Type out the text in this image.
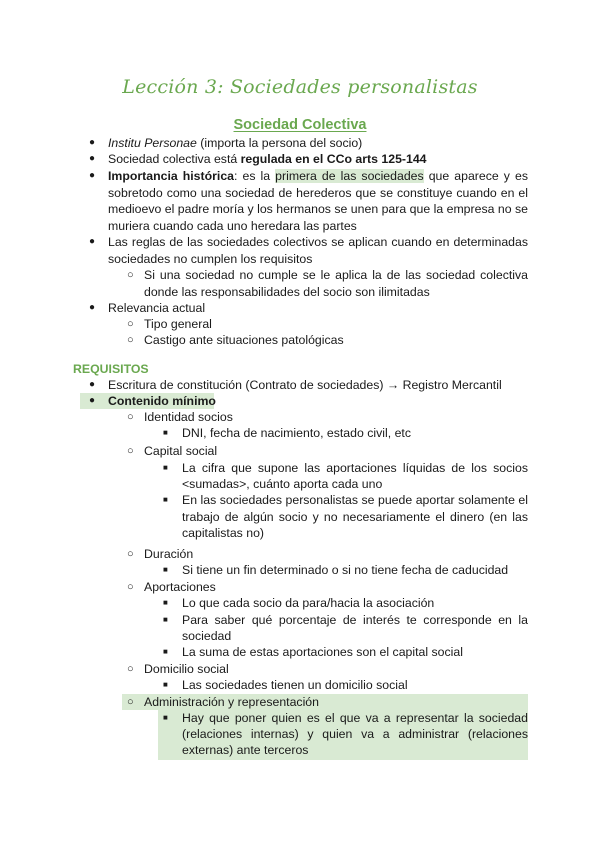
Lección 3: Sociedades personalistas
Sociedad Colectiva
● Institu Personae (importa la persona del socio)
● Sociedad colectiva está regulada en el CCo arts 125-144
● Importancia histórica: es la primera de las sociedades que aparece y es sobretodo como una sociedad de herederos que se constituye cuando en el medioevo el padre moría y los hermanos se unen para que la empresa no se muriera cuando cada uno heredara las partes
● Las reglas de las sociedades colectivos se aplican cuando en determinadas sociedades no cumplen los requisitos
○ Si una sociedad no cumple se le aplica la de las sociedad colectiva donde las responsabilidades del socio son ilimitadas
● Relevancia actual
○ Tipo general
○ Castigo ante situaciones patológicas
REQUISITOS
● Escritura de constitución (Contrato de sociedades) → Registro Mercantil
● Contenido mínimo
○ Identidad socios
■ DNI, fecha de nacimiento, estado civil, etc
○ Capital social
■ La cifra que supone las aportaciones líquidas de los socios <sumadas>, cuánto aporta cada uno
■ En las sociedades personalistas se puede aportar solamente el trabajo de algún socio y no necesariamente el dinero (en las capitalistas no)
○ Duración
■ Si tiene un fin determinado o si no tiene fecha de caducidad
○ Aportaciones
■ Lo que cada socio da para/hacia la asociación
■ Para saber qué porcentaje de interés te corresponde en la sociedad
■ La suma de estas aportaciones son el capital social
○ Domicilio social
■ Las sociedades tienen un domicilio social
○ Administración y representación
■ Hay que poner quien es el que va a representar la sociedad (relaciones internas) y quien va a administrar (relaciones externas) ante terceros
